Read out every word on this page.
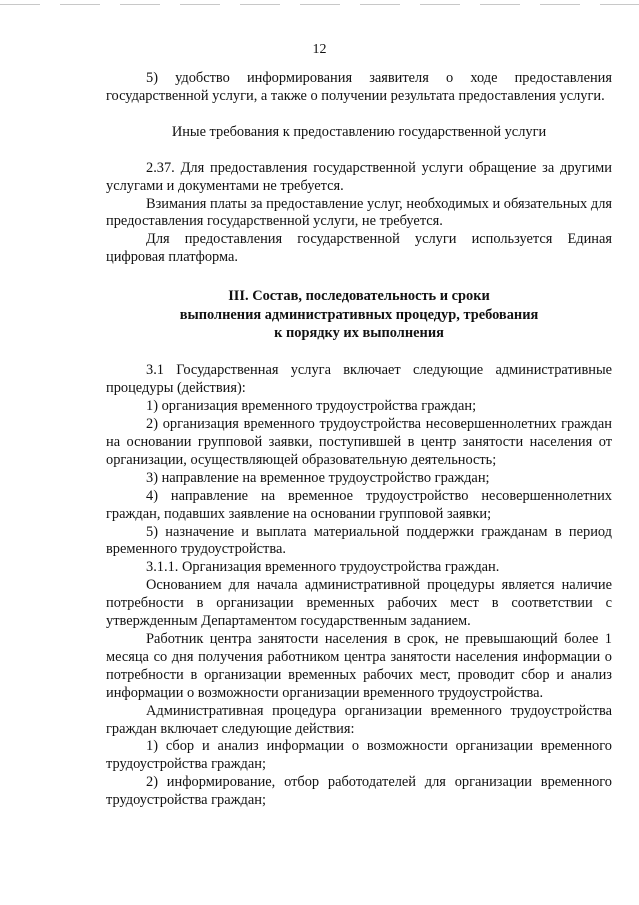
12

5) удобство информирования заявителя о ходе предоставления государственной услуги, а также о получении результата предоставления услуги.

Иные требования к предоставлению государственной услуги

2.37. Для предоставления государственной услуги обращение за другими услугами и документами не требуется.

Взимания платы за предоставление услуг, необходимых и обязательных для предоставления государственной услуги, не требуется.

Для предоставления государственной услуги используется Единая цифровая платформа.

III. Состав, последовательность и сроки

выполнения административных процедур, требования

к порядку их выполнения

3.1 Государственная услуга включает следующие административные процедуры (действия):

1) организация временного трудоустройства граждан;

2) организация временного трудоустройства несовершеннолетних граждан на основании групповой заявки, поступившей в центр занятости населения от организации, осуществляющей образовательную деятельность;

3) направление на временное трудоустройство граждан;

4) направление на временное трудоустройство несовершеннолетних граждан, подавших заявление на основании групповой заявки;

5) назначение и выплата материальной поддержки гражданам в период временного трудоустройства.

3.1.1. Организация временного трудоустройства граждан.

Основанием для начала административной процедуры является наличие потребности в организации временных рабочих мест в соответствии с утвержденным Департаментом государственным заданием.

Работник центра занятости населения в срок, не превышающий более 1 месяца со дня получения работником центра занятости населения информации о потребности в организации временных рабочих мест, проводит сбор и анализ информации о возможности организации временного трудоустройства.

Административная процедура организации временного трудоустройства граждан включает следующие действия:

1) сбор и анализ информации о возможности организации временного трудоустройства граждан;

2) информирование, отбор работодателей для организации временного трудоустройства граждан;
